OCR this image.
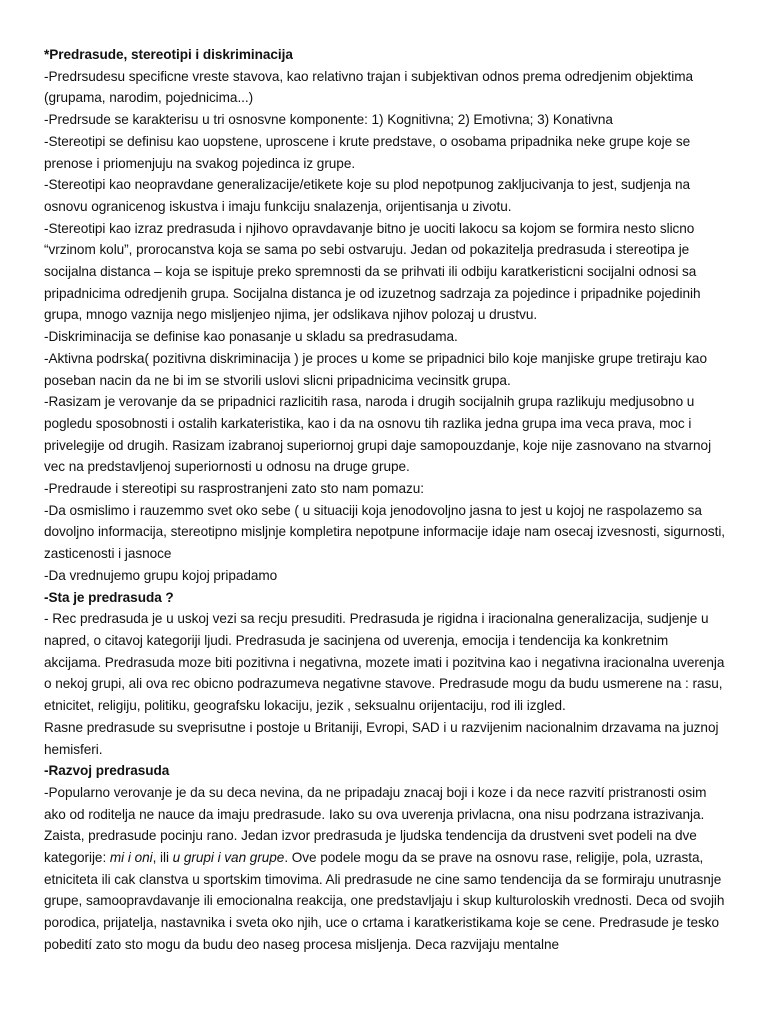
*Predrasude, stereotipi i diskriminacija

-Predrsudesu specificne vreste stavova, kao relativno trajan i subjektivan odnos prema odredjenim objektima (grupama, narodim, pojednicima...)

-Predrsude se karakterisu u tri osnosvne komponente: 1) Kognitivna; 2) Emotivna; 3) Konativna

-Stereotipi se definisu kao uopstene, uproscene i krute predstave, o osobama pripadnika neke grupe koje se prenose i priomenjuju na svakog pojedinca iz grupe.

-Stereotipi kao neopravdane generalizacije/etikete koje su plod nepotpunog zakljucivanja to jest, sudjenja na osnovu ogranicenog iskustva i imaju funkciju snalazenja, orijentisanja u zivotu.

-Stereotipi kao izraz predrasuda i njihovo opravdavanje bitno je uociti lakocu sa kojom se formira nesto slicno “vrzinom kolu”, prorocanstva koja se sama po sebi ostvaruju. Jedan od pokazitelja predrasuda i stereotipa je socijalna distanca – koja se ispituje preko spremnosti da se prihvati ili odbiju karatkeristicni socijalni odnosi sa pripadnicima odredjenih grupa. Socijalna distanca je od izuzetnog sadrzaja za pojedince i pripadnike pojedinih grupa, mnogo vaznija nego misljenjeo njima, jer odslikava njihov polozaj u drustvu.

-Diskriminacija se definise kao ponasanje u skladu sa predrasudama.

-Aktivna podrska( pozitivna diskriminacija ) je proces u kome se pripadnici bilo koje manjiske grupe tretiraju kao poseban nacin da ne bi im se stvorili uslovi slicni pripadnicima vecinsitk grupa.

-Rasizam je verovanje da se pripadnici razlicitih rasa, naroda i drugih socijalnih grupa razlikuju medjusobno u pogledu sposobnosti i ostalih karkateristika, kao i da na osnovu tih razlika jedna grupa ima veca prava, moc i privelegije od drugih. Rasizam izabranoj superiornoj grupi daje samopouzdanje, koje nije zasnovano na stvarnoj vec na predstavljenoj superiornosti u odnosu na druge grupe.

-Predraude i stereotipi su rasprostranjeni zato sto nam pomazu:

-Da osmislimo i rauzemmo svet oko sebe ( u situaciji koja jenodovoljno jasna to jest u kojoj ne raspolazemo sa dovoljno informacija, stereotipno misljnje kompletira nepotpune informacije idaje nam osecaj izvesnosti, sigurnosti, zasticenosti i jasnoce

-Da vrednujemo grupu kojoj pripadamo

-Sta je predrasuda ?

- Rec predrasuda je u uskoj vezi sa recju presuditi. Predrasuda je rigidna i iracionalna generalizacija, sudjenje u napred, o citavoj kategoriji ljudi. Predrasuda je sacinjena od uverenja, emocija i tendencija ka konkretnim akcijama. Predrasuda moze biti pozitivna i negativna, mozete imati i pozitvina kao i negativna iracionalna uverenja o nekoj grupi, ali ova rec obicno podrazumeva negativne stavove. Predrasude mogu da budu usmerene na : rasu, etnicitet, religiju, politiku, geografsku lokaciju, jezik , seksualnu orijentaciju, rod ili izgled.

Rasne predrasude su sveprisutne i postoje u Britaniji, Evropi, SAD i u razvijenim nacionalnim drzavama na juznoj hemisferi.

-Razvoj predrasuda

-Popularno verovanje je da su deca nevina, da ne pripadaju znacaj boji i koze i da nece razvití pristranosti osim ako od roditelja ne nauce da imaju predrasude. Iako su ova uverenja privlacna, ona nisu podrzana istrazivanja. Zaista, predrasude pocinju rano. Jedan izvor predrasuda je ljudska tendencija da drustveni svet podeli na dve kategorije: mi i oni, ili u grupi i van grupe. Ove podele mogu da se prave na osnovu rase, religije, pola, uzrasta, etniciteta ili cak clanstva u sportskim timovima. Ali predrasude ne cine samo tendencija da se formiraju unutrasnje grupe, samoopravdavanje ili emocionalna reakcija, one predstavljaju i skup kulturoloskih vrednosti. Deca od svojih porodica, prijatelja, nastavnika i sveta oko njih, uce o crtama i karatkeristikama koje se cene. Predrasude je tesko pobedití zato sto mogu da budu deo naseg procesa misljenja. Deca razvijaju mentalne
